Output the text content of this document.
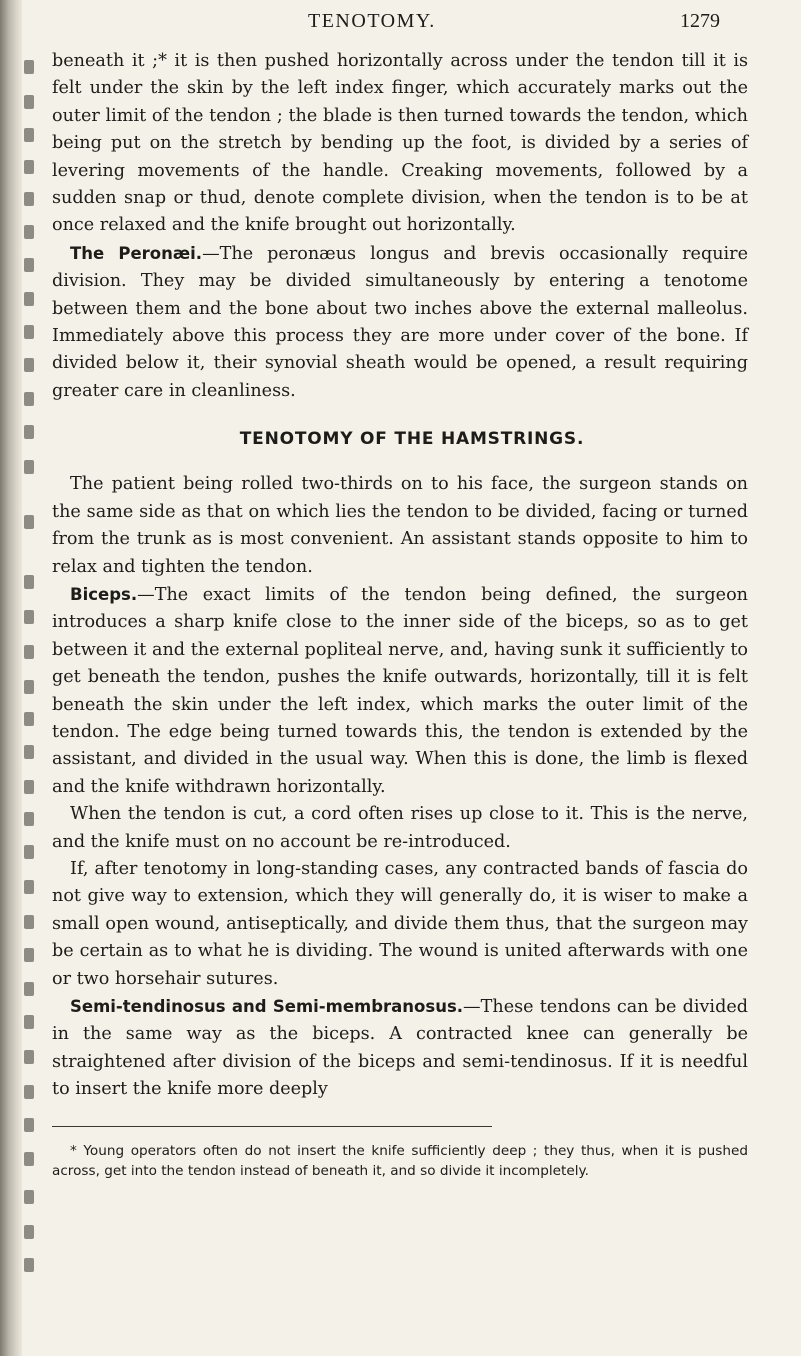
TENOTOMY.	1279

beneath it ;* it is then pushed horizontally across under the tendon till it is felt under the skin by the left index finger, which accurately marks out the outer limit of the tendon ; the blade is then turned towards the tendon, which being put on the stretch by bending up the foot, is divided by a series of levering movements of the handle. Creaking movements, followed by a sudden snap or thud, denote complete division, when the tendon is to be at once relaxed and the knife brought out horizontally.

The Peronæi.—The peronæus longus and brevis occasionally require division. They may be divided simultaneously by entering a tenotome between them and the bone about two inches above the external malleolus. Immediately above this process they are more under cover of the bone. If divided below it, their synovial sheath would be opened, a result requiring greater care in cleanliness.

TENOTOMY OF THE HAMSTRINGS.

The patient being rolled two-thirds on to his face, the surgeon stands on the same side as that on which lies the tendon to be divided, facing or turned from the trunk as is most convenient. An assistant stands opposite to him to relax and tighten the tendon.

Biceps.—The exact limits of the tendon being defined, the surgeon introduces a sharp knife close to the inner side of the biceps, so as to get between it and the external popliteal nerve, and, having sunk it sufficiently to get beneath the tendon, pushes the knife outwards, horizontally, till it is felt beneath the skin under the left index, which marks the outer limit of the tendon. The edge being turned towards this, the tendon is extended by the assistant, and divided in the usual way. When this is done, the limb is flexed and the knife withdrawn horizontally.

When the tendon is cut, a cord often rises up close to it. This is the nerve, and the knife must on no account be re-introduced.

If, after tenotomy in long-standing cases, any contracted bands of fascia do not give way to extension, which they will generally do, it is wiser to make a small open wound, antiseptically, and divide them thus, that the surgeon may be certain as to what he is dividing. The wound is united afterwards with one or two horsehair sutures.

Semi-tendinosus and Semi-membranosus.—These tendons can be divided in the same way as the biceps. A contracted knee can generally be straightened after division of the biceps and semi-tendinosus. If it is needful to insert the knife more deeply

* Young operators often do not insert the knife sufficiently deep ; they thus, when it is pushed across, get into the tendon instead of beneath it, and so divide it incompletely.
